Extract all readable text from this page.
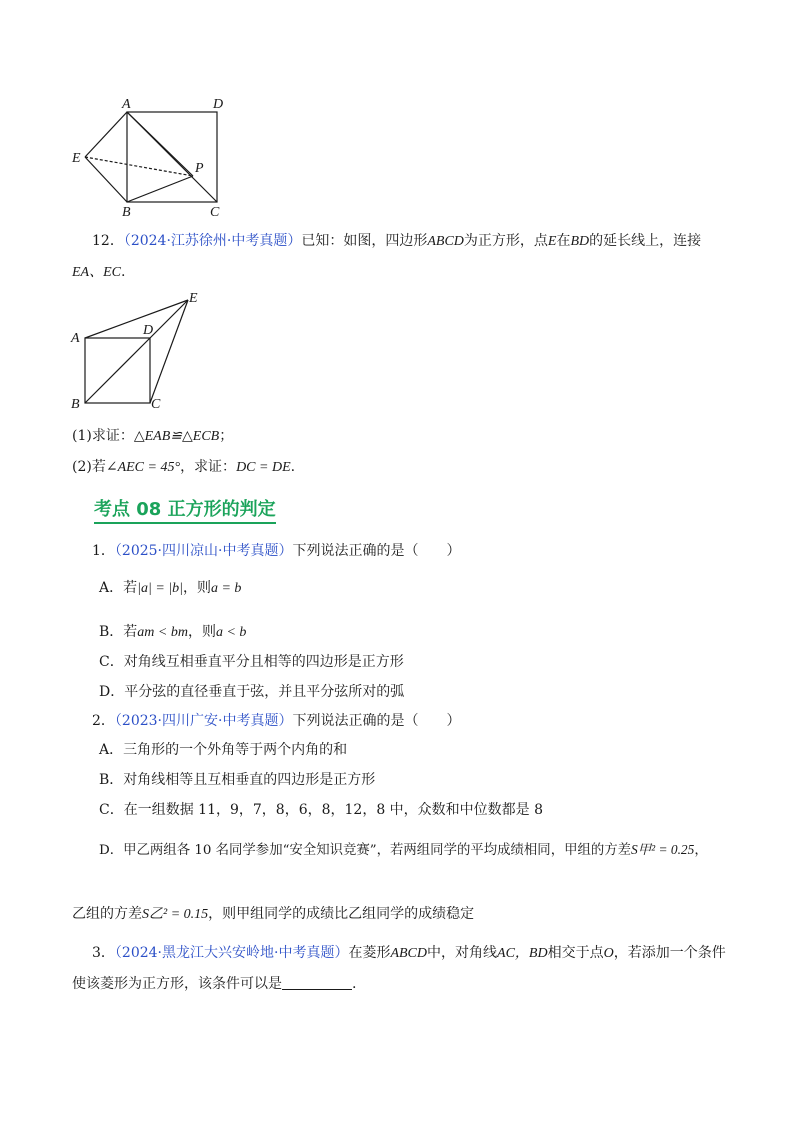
A	D
E
P
B	C
12．（2024·江苏徐州·中考真题）已知：如图，四边形ABCD为正方形，点E在BD的延长线上，连接
EA、EC.
A
D
E
B	C
(1)求证：△EAB≌△ECB；
(2)若∠AEC = 45°，求证：DC = DE.
考点 08 正方形的判定
1．（2025·四川凉山·中考真题）下列说法正确的是（　　）
A．若|a| = |b|，则a = b
B．若am < bm，则a < b
C．对角线互相垂直平分且相等的四边形是正方形
D．平分弦的直径垂直于弦，并且平分弦所对的弧
2．（2023·四川广安·中考真题）下列说法正确的是（　　）
A．三角形的一个外角等于两个内角的和
B．对角线相等且互相垂直的四边形是正方形
C．在一组数据 11，9，7，8，6，8，12，8 中，众数和中位数都是 8
D．甲乙两组各 10 名同学参加“安全知识竞赛”，若两组同学的平均成绩相同，甲组的方差S甲² = 0.25，
乙组的方差S乙² = 0.15，则甲组同学的成绩比乙组同学的成绩稳定
3．（2024·黑龙江大兴安岭地·中考真题）在菱形ABCD中，对角线AC，BD相交于点O，若添加一个条件
使该菱形为正方形，该条件可以是	.
